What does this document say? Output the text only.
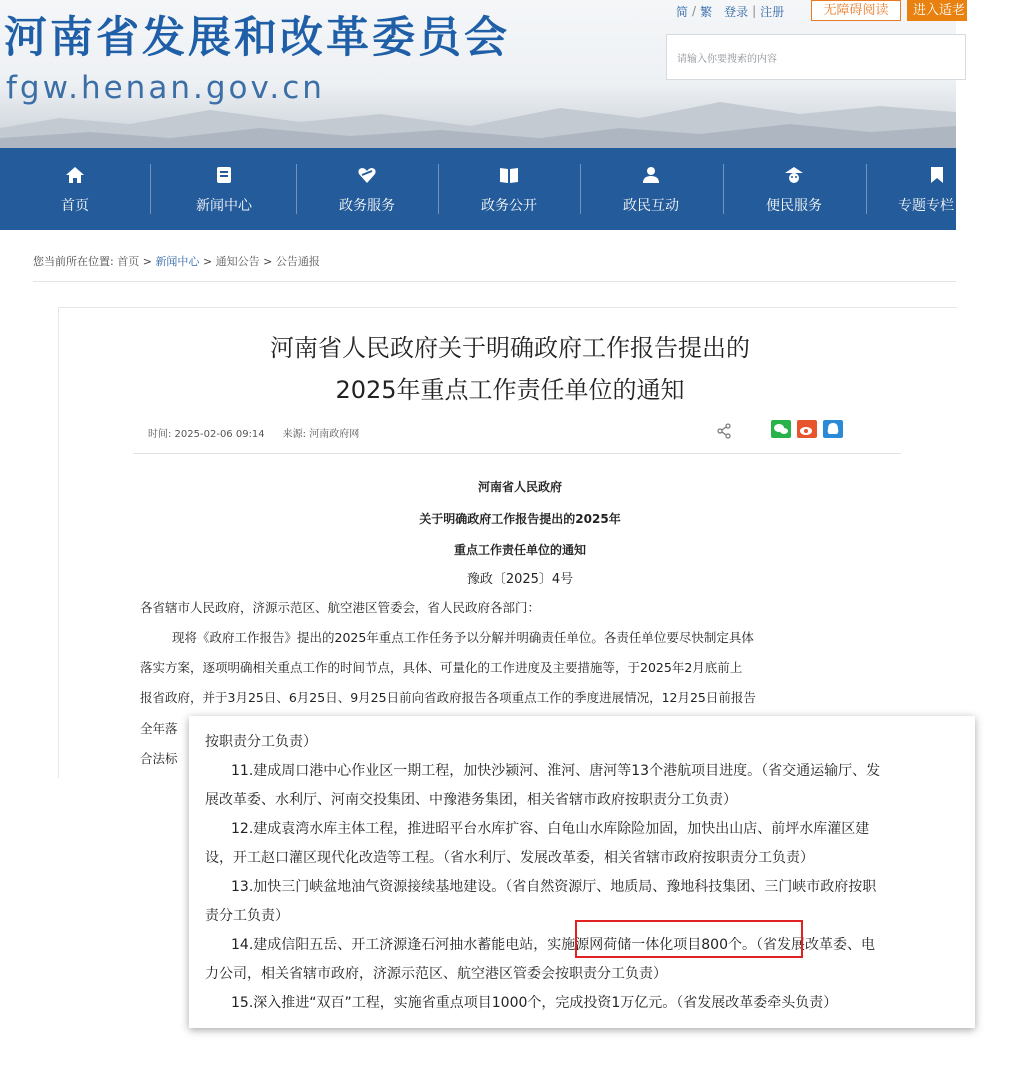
河南省发展和改革委员会
fgw.henan.gov.cn
简 / 繁 登录 | 注册	无障碍阅读	进入适老
请输入你要搜索的内容
首页	新闻中心	政务服务	政务公开	政民互动	便民服务	专题专栏
您当前所在位置: 首页 > 新闻中心 > 通知公告 > 公告通报
河南省人民政府关于明确政府工作报告提出的
2025年重点工作责任单位的通知
时间: 2025-02-06 09:14 来源: 河南政府网
河南省人民政府
关于明确政府工作报告提出的2025年
重点工作责任单位的通知
豫政〔2025〕4号
各省辖市人民政府，济源示范区、航空港区管委会，省人民政府各部门：
现将《政府工作报告》提出的2025年重点工作任务予以分解并明确责任单位。各责任单位要尽快制定具体
落实方案，逐项明确相关重点工作的时间节点，具体、可量化的工作进度及主要措施等，于2025年2月底前上
报省政府，并于3月25日、6月25日、9月25日前向省政府报告各项重点工作的季度进展情况，12月25日前报告
全年落
合法标
按职责分工负责）
11.建成周口港中心作业区一期工程，加快沙颍河、淮河、唐河等13个港航项目进度。（省交通运输厅、发
展改革委、水利厅、河南交投集团、中豫港务集团，相关省辖市政府按职责分工负责）
12.建成袁湾水库主体工程，推进昭平台水库扩容、白龟山水库除险加固，加快出山店、前坪水库灌区建
设，开工赵口灌区现代化改造等工程。（省水利厅、发展改革委，相关省辖市政府按职责分工负责）
13.加快三门峡盆地油气资源接续基地建设。（省自然资源厅、地质局、豫地科技集团、三门峡市政府按职
责分工负责）
14.建成信阳五岳、开工济源逢石河抽水蓄能电站，实施源网荷储一体化项目800个。（省发展改革委、电
力公司，相关省辖市政府，济源示范区、航空港区管委会按职责分工负责）
15.深入推进“双百”工程，实施省重点项目1000个，完成投资1万亿元。（省发展改革委牵头负责）
